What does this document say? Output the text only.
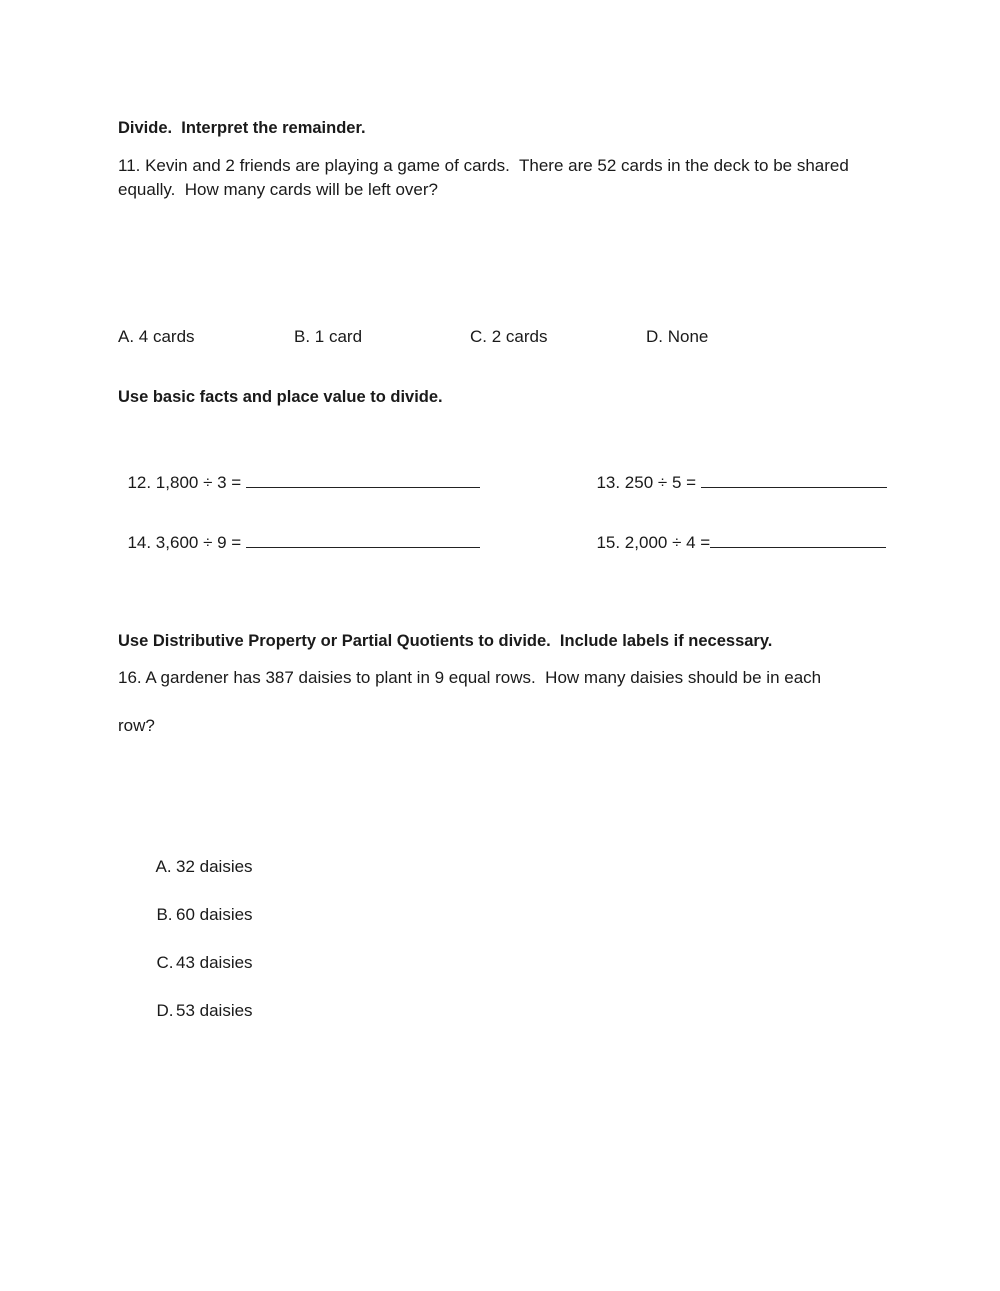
Divide.  Interpret the remainder.
11. Kevin and 2 friends are playing a game of cards.  There are 52 cards in the deck to be shared
equally.  How many cards will be left over?
A. 4 cards	B. 1 card	C. 2 cards	D. None
Use basic facts and place value to divide.

12. 1,800 ÷ 3 =	13. 250 ÷ 5 =

14. 3,600 ÷ 9 =	15. 2,000 ÷ 4 =

Use Distributive Property or Partial Quotients to divide.  Include labels if necessary.
16. A gardener has 387 daisies to plant in 9 equal rows.  How many daisies should be in each
row?

A. 32 daisies

B. 60 daisies

C. 43 daisies

D. 53 daisies
